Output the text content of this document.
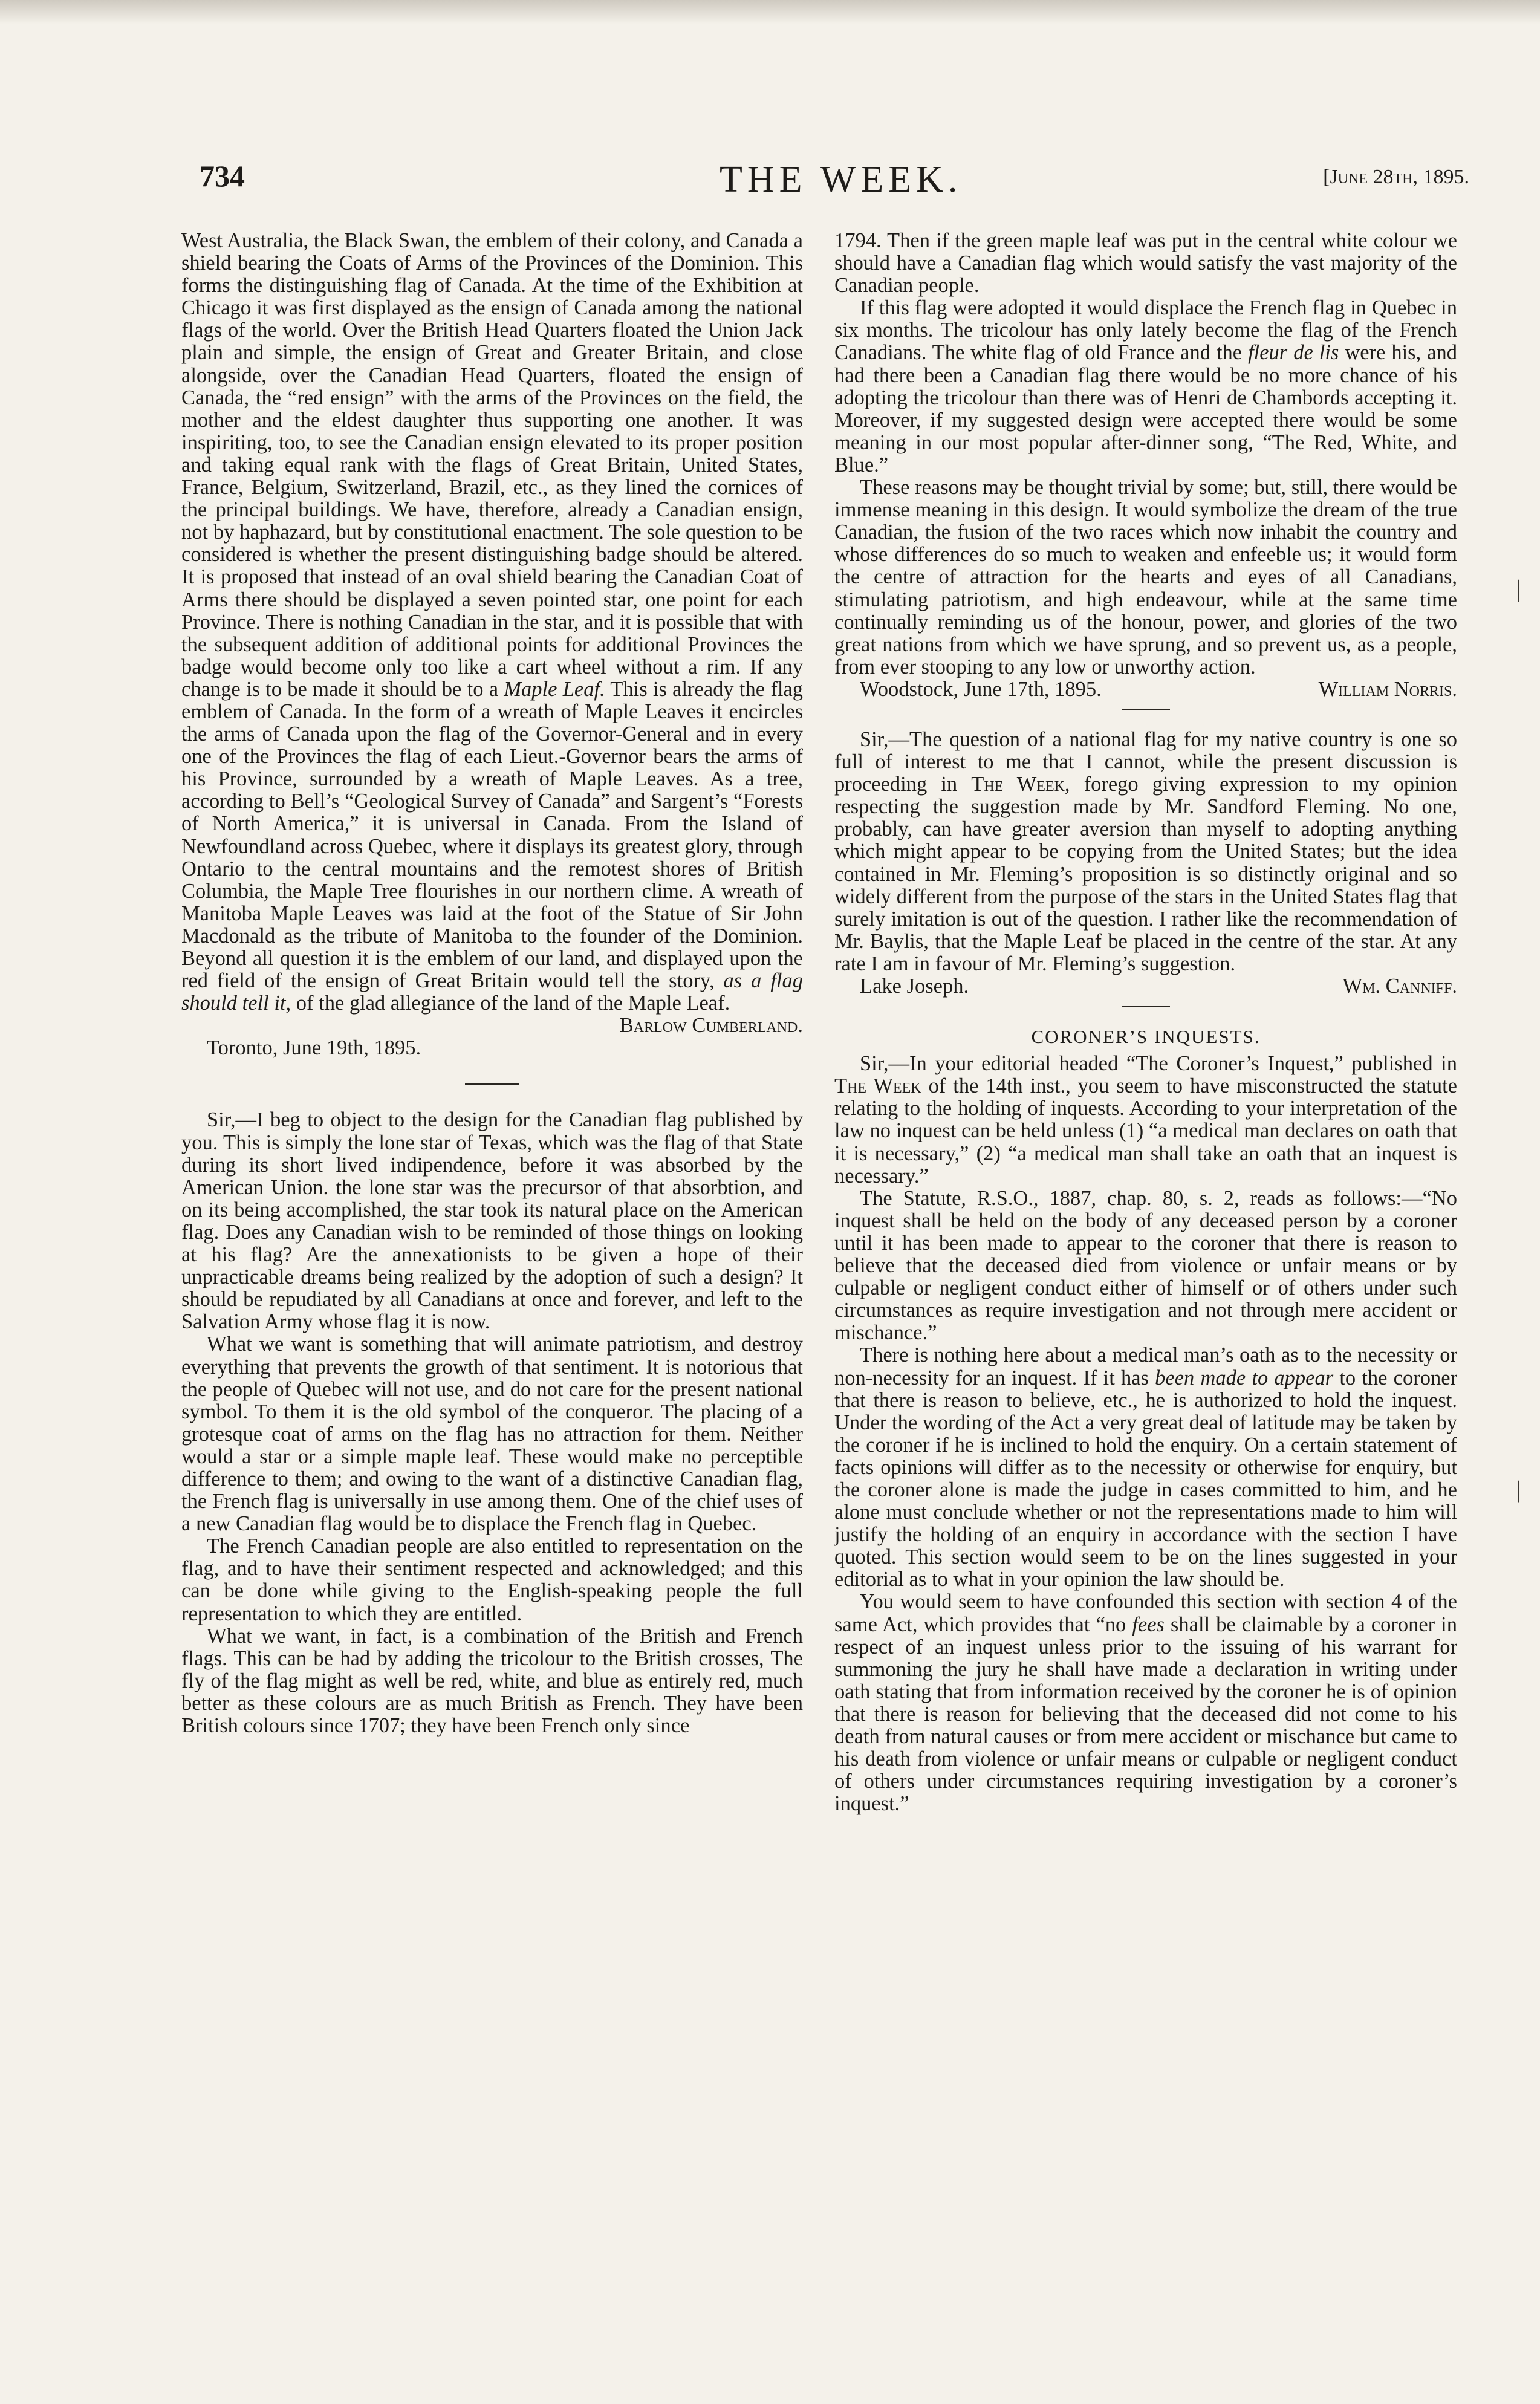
|
|
734	THE WEEK.	[June 28th, 1895.

West Australia, the Black Swan, the emblem of their colony, and Canada a shield bearing the Coats of Arms of the Provinces of the Dominion. This forms the distinguishing flag of Canada. At the time of the Exhibition at Chicago it was first displayed as the ensign of Canada among the national flags of the world. Over the British Head Quarters floated the Union Jack plain and simple, the ensign of Great and Greater Britain, and close alongside, over the Canadian Head Quarters, floated the ensign of Canada, the “red ensign” with the arms of the Provinces on the field, the mother and the eldest daughter thus supporting one another. It was inspiriting, too, to see the Canadian ensign elevated to its proper position and taking equal rank with the flags of Great Britain, United States, France, Belgium, Switzerland, Brazil, etc., as they lined the cornices of the principal buildings. We have, therefore, already a Canadian ensign, not by haphazard, but by constitutional enactment. The sole question to be considered is whether the present distinguishing badge should be altered. It is proposed that instead of an oval shield bearing the Canadian Coat of Arms there should be displayed a seven pointed star, one point for each Province. There is nothing Canadian in the star, and it is possible that with the subsequent addition of additional points for additional Provinces the badge would become only too like a cart wheel without a rim. If any change is to be made it should be to a Maple Leaf. This is already the flag emblem of Canada. In the form of a wreath of Maple Leaves it encircles the arms of Canada upon the flag of the Governor-General and in every one of the Provinces the flag of each Lieut.-Governor bears the arms of his Province, surrounded by a wreath of Maple Leaves. As a tree, according to Bell’s “Geological Survey of Canada” and Sargent’s “Forests of North America,” it is universal in Canada. From the Island of Newfoundland across Quebec, where it displays its greatest glory, through Ontario to the central mountains and the remotest shores of British Columbia, the Maple Tree flourishes in our northern clime. A wreath of Manitoba Maple Leaves was laid at the foot of the Statue of Sir John Macdonald as the tribute of Manitoba to the founder of the Dominion. Beyond all question it is the emblem of our land, and displayed upon the red field of the ensign of Great Britain would tell the story, as a flag should tell it, of the glad allegiance of the land of the Maple Leaf.

Barlow Cumberland.
Toronto, June 19th, 1895.

Sir,—I beg to object to the design for the Canadian flag published by you. This is simply the lone star of Texas, which was the flag of that State during its short lived indipendence, before it was absorbed by the American Union. the lone star was the precursor of that absorbtion, and on its being accomplished, the star took its natural place on the American flag. Does any Canadian wish to be reminded of those things on looking at his flag? Are the annexationists to be given a hope of their unpracticable dreams being realized by the adoption of such a design? It should be repudiated by all Canadians at once and forever, and left to the Salvation Army whose flag it is now.

What we want is something that will animate patriotism, and destroy everything that prevents the growth of that sentiment. It is notorious that the people of Quebec will not use, and do not care for the present national symbol. To them it is the old symbol of the conqueror. The placing of a grotesque coat of arms on the flag has no attraction for them. Neither would a star or a simple maple leaf. These would make no perceptible difference to them; and owing to the want of a distinctive Canadian flag, the French flag is universally in use among them. One of the chief uses of a new Canadian flag would be to displace the French flag in Quebec.

The French Canadian people are also entitled to representation on the flag, and to have their sentiment respected and acknowledged; and this can be done while giving to the English-speaking people the full representation to which they are entitled.

What we want, in fact, is a combination of the British and French flags. This can be had by adding the tricolour to the British crosses, The fly of the flag might as well be red, white, and blue as entirely red, much better as these colours are as much British as French. They have been British colours since 1707; they have been French only since

1794. Then if the green maple leaf was put in the central white colour we should have a Canadian flag which would satisfy the vast majority of the Canadian people.

If this flag were adopted it would displace the French flag in Quebec in six months. The tricolour has only lately become the flag of the French Canadians. The white flag of old France and the fleur de lis were his, and had there been a Canadian flag there would be no more chance of his adopting the tricolour than there was of Henri de Chambords accepting it. Moreover, if my suggested design were accepted there would be some meaning in our most popular after-dinner song, “The Red, White, and Blue.”

These reasons may be thought trivial by some; but, still, there would be immense meaning in this design. It would symbolize the dream of the true Canadian, the fusion of the two races which now inhabit the country and whose differences do so much to weaken and enfeeble us; it would form the centre of attraction for the hearts and eyes of all Canadians, stimulating patriotism, and high endeavour, while at the same time continually reminding us of the honour, power, and glories of the two great nations from which we have sprung, and so prevent us, as a people, from ever stooping to any low or unworthy action.

Woodstock, June 17th, 1895.	William Norris.

Sir,—The question of a national flag for my native country is one so full of interest to me that I cannot, while the present discussion is proceeding in The Week, forego giving expression to my opinion respecting the suggestion made by Mr. Sandford Fleming. No one, probably, can have greater aversion than myself to adopting anything which might appear to be copying from the United States; but the idea contained in Mr. Fleming’s proposition is so distinctly original and so widely different from the purpose of the stars in the United States flag that surely imitation is out of the question. I rather like the recommendation of Mr. Baylis, that the Maple Leaf be placed in the centre of the star. At any rate I am in favour of Mr. Fleming’s suggestion.

Lake Joseph.	Wm. Canniff.
CORONER’S INQUESTS.

Sir,—In your editorial headed “The Coroner’s Inquest,” published in The Week of the 14th inst., you seem to have misconstructed the statute relating to the holding of inquests. According to your interpretation of the law no inquest can be held unless (1) “a medical man declares on oath that it is necessary,” (2) “a medical man shall take an oath that an inquest is necessary.”

The Statute, R.S.O., 1887, chap. 80, s. 2, reads as follows:—“No inquest shall be held on the body of any deceased person by a coroner until it has been made to appear to the coroner that there is reason to believe that the deceased died from violence or unfair means or by culpable or negligent conduct either of himself or of others under such circumstances as require investigation and not through mere accident or mischance.”

There is nothing here about a medical man’s oath as to the necessity or non-necessity for an inquest. If it has been made to appear to the coroner that there is reason to believe, etc., he is authorized to hold the inquest. Under the wording of the Act a very great deal of latitude may be taken by the coroner if he is inclined to hold the enquiry. On a certain statement of facts opinions will differ as to the necessity or otherwise for enquiry, but the coroner alone is made the judge in cases committed to him, and he alone must conclude whether or not the representations made to him will justify the holding of an enquiry in accordance with the section I have quoted. This section would seem to be on the lines suggested in your editorial as to what in your opinion the law should be.

You would seem to have confounded this section with section 4 of the same Act, which provides that “no fees shall be claimable by a coroner in respect of an inquest unless prior to the issuing of his warrant for summoning the jury he shall have made a declaration in writing under oath stating that from information received by the coroner he is of opinion that there is reason for believing that the deceased did not come to his death from natural causes or from mere accident or mischance but came to his death from violence or unfair means or culpable or negligent conduct of others under circumstances requiring investigation by a coroner’s inquest.”
